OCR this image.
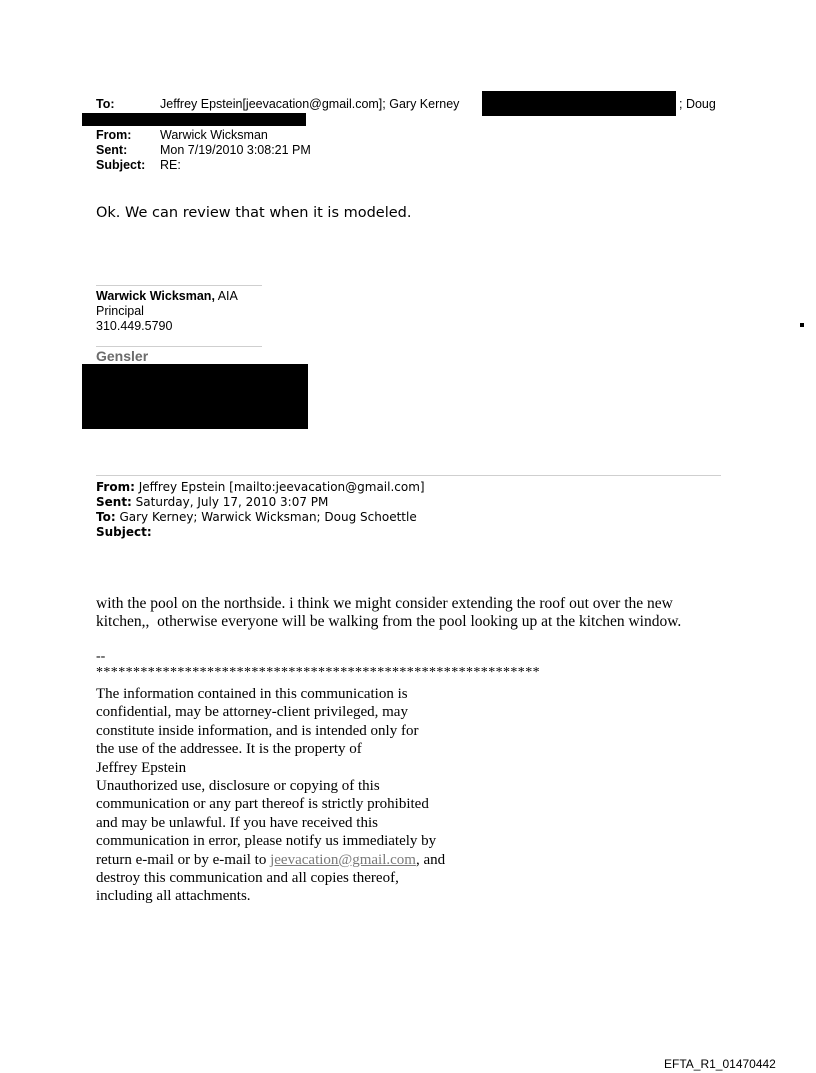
To:	Jeffrey Epstein[jeevacation@gmail.com]; Gary Kerney	; Doug
From: Warwick Wicksman
Sent:	Mon 7/19/2010 3:08:21 PM
Subject: RE:
Ok. We can review that when it is modeled.
Warwick Wicksman, AIA
Principal
310.449.5790
Gensler
From: Jeffrey Epstein [mailto:jeevacation@gmail.com]
Sent: Saturday, July 17, 2010 3:07 PM
To: Gary Kerney; Warwick Wicksman; Doug Schoettle
Subject:
with the pool on the northside. i think we might consider extending the roof out over the new
kitchen,,  otherwise everyone will be walking from the pool looking up at the kitchen window.
--
************************************************************
The information contained in this communication is
confidential, may be attorney-client privileged, may
constitute inside information, and is intended only for
the use of the addressee. It is the property of
Jeffrey Epstein
Unauthorized use, disclosure or copying of this
communication or any part thereof is strictly prohibited
and may be unlawful. If you have received this
communication in error, please notify us immediately by
return e-mail or by e-mail to jeevacation@gmail.com, and
destroy this communication and all copies thereof,
including all attachments.
EFTA_R1_01470442
